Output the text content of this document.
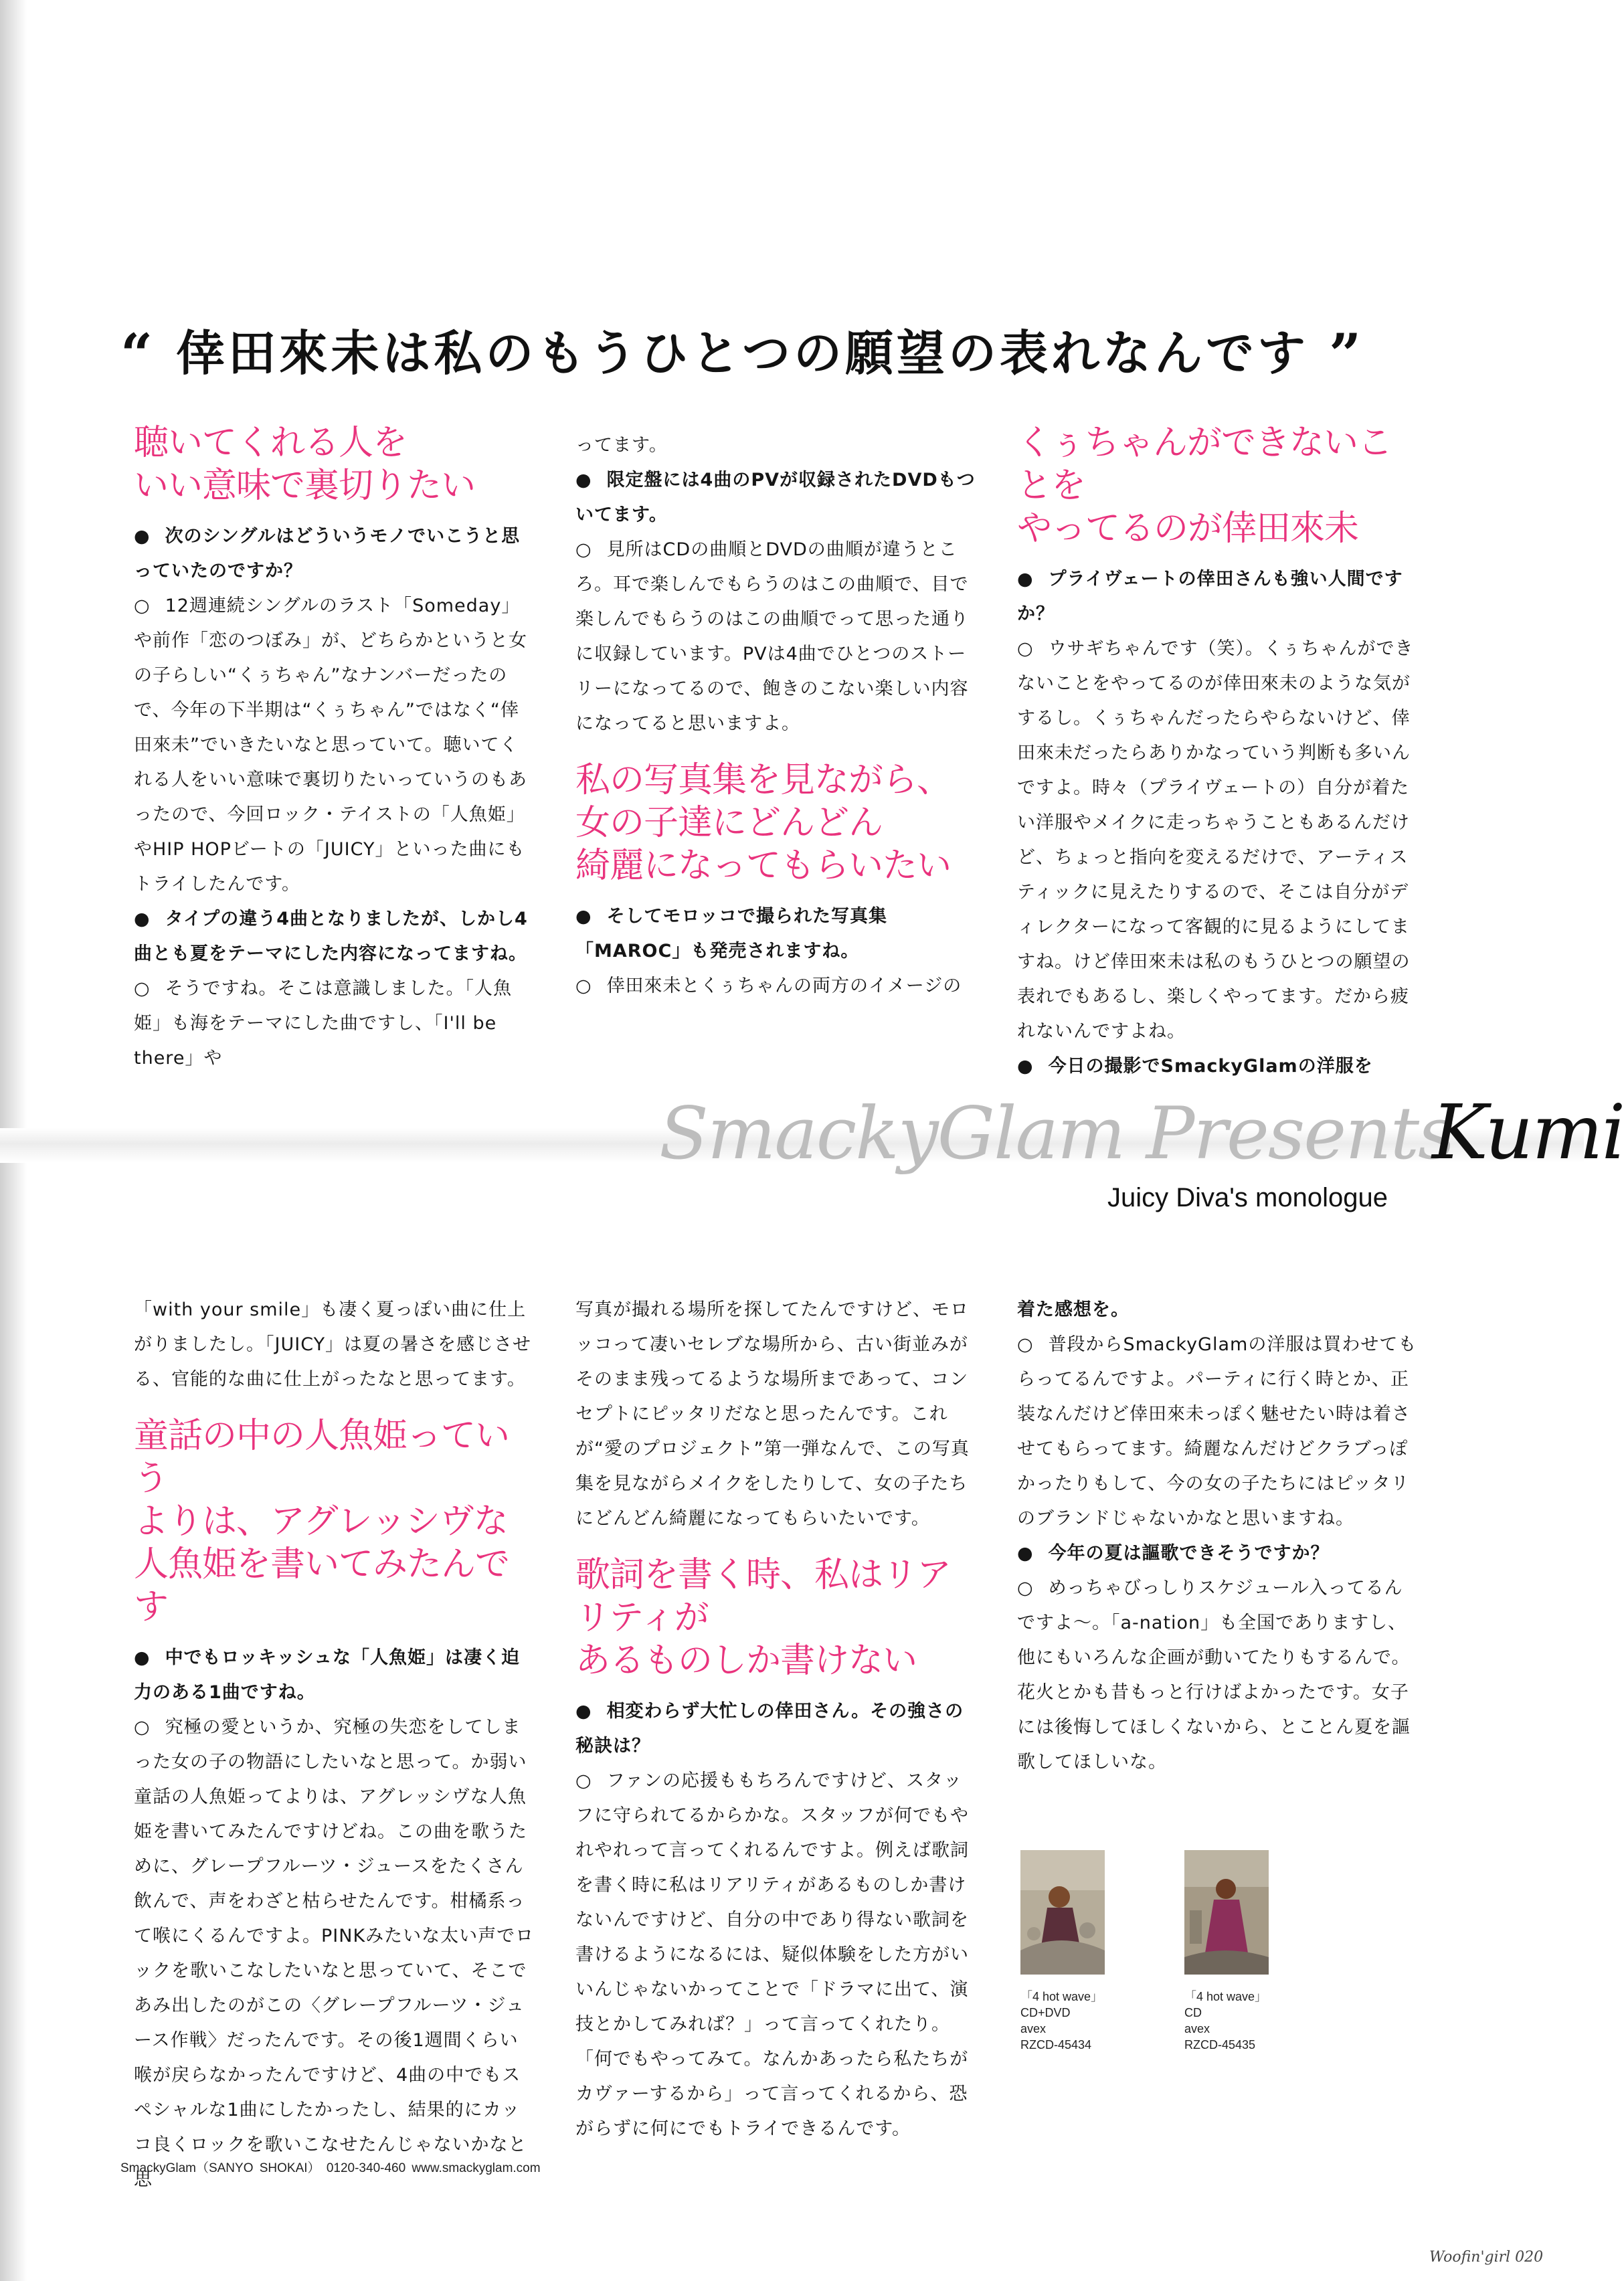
“ 倖田來未は私のもうひとつの願望の表れなんです ”
聴いてくれる人を
いい意味で裏切りたい

● 次のシングルはどういうモノでいこうと思っていたのですか？

○ 12週連続シングルのラスト「Someday」や前作「恋のつぼみ」が、どちらかというと女の子らしい“くぅちゃん”なナンバーだったので、今年の下半期は“くぅちゃん”ではなく“倖田來未”でいきたいなと思っていて。聴いてくれる人をいい意味で裏切りたいっていうのもあったので、今回ロック・テイストの「人魚姫」やHIP HOPビートの「JUICY」といった曲にもトライしたんです。

● タイプの違う4曲となりましたが、しかし4曲とも夏をテーマにした内容になってますね。

○ そうですね。そこは意識しました。「人魚姫」も海をテーマにした曲ですし、「I'll be there」や

ってます。

● 限定盤には4曲のPVが収録されたDVDもついてます。

○ 見所はCDの曲順とDVDの曲順が違うところ。耳で楽しんでもらうのはこの曲順で、目で楽しんでもらうのはこの曲順でって思った通りに収録しています。PVは4曲でひとつのストーリーになってるので、飽きのこない楽しい内容になってると思いますよ。

私の写真集を見ながら、
女の子達にどんどん
綺麗になってもらいたい

● そしてモロッコで撮られた写真集「MAROC」も発売されますね。

○ 倖田來未とくぅちゃんの両方のイメージの

くぅちゃんができないことを
やってるのが倖田來未

● プライヴェートの倖田さんも強い人間ですか？

○ ウサギちゃんです（笑）。くぅちゃんができないことをやってるのが倖田來未のような気がするし。くぅちゃんだったらやらないけど、倖田來未だったらありかなっていう判断も多いんですよ。時々（プライヴェートの）自分が着たい洋服やメイクに走っちゃうこともあるんだけど、ちょっと指向を変えるだけで、アーティスティックに見えたりするので、そこは自分がディレクターになって客観的に見るようにしてますね。けど倖田來未は私のもうひとつの願望の表れでもあるし、楽しくやってます。だから疲れないんですよね。

● 今日の撮影でSmackyGlamの洋服を

SmackyGlam Presents
Kumi
Juicy Diva's monologue

「with your smile」も凄く夏っぽい曲に仕上がりましたし。「JUICY」は夏の暑さを感じさせる、官能的な曲に仕上がったなと思ってます。

童話の中の人魚姫っていう
よりは、アグレッシヴな
人魚姫を書いてみたんです

● 中でもロッキッシュな「人魚姫」は凄く迫力のある1曲ですね。

○ 究極の愛というか、究極の失恋をしてしまった女の子の物語にしたいなと思って。か弱い童話の人魚姫ってよりは、アグレッシヴな人魚姫を書いてみたんですけどね。この曲を歌うために、グレープフルーツ・ジュースをたくさん飲んで、声をわざと枯らせたんです。柑橘系って喉にくるんですよ。PINKみたいな太い声でロックを歌いこなしたいなと思っていて、そこであみ出したのがこの〈グレープフルーツ・ジュース作戦〉だったんです。その後1週間くらい喉が戻らなかったんですけど、4曲の中でもスペシャルな1曲にしたかったし、結果的にカッコ良くロックを歌いこなせたんじゃないかなと思

写真が撮れる場所を探してたんですけど、モロッコって凄いセレブな場所から、古い街並みがそのまま残ってるような場所まであって、コンセプトにピッタリだなと思ったんです。これが“愛のプロジェクト”第一弾なんで、この写真集を見ながらメイクをしたりして、女の子たちにどんどん綺麗になってもらいたいです。

歌詞を書く時、私はリアリティが
あるものしか書けない

● 相変わらず大忙しの倖田さん。その強さの秘訣は？

○ ファンの応援ももちろんですけど、スタッフに守られてるからかな。スタッフが何でもやれやれって言ってくれるんですよ。例えば歌詞を書く時に私はリアリティがあるものしか書けないんですけど、自分の中であり得ない歌詞を書けるようになるには、疑似体験をした方がいいんじゃないかってことで「ドラマに出て、演技とかしてみれば？」って言ってくれたり。「何でもやってみて。なんかあったら私たちがカヴァーするから」って言ってくれるから、恐がらずに何にでもトライできるんです。

着た感想を。

○ 普段からSmackyGlamの洋服は買わせてもらってるんですよ。パーティに行く時とか、正装なんだけど倖田來未っぽく魅せたい時は着させてもらってます。綺麗なんだけどクラブっぽかったりもして、今の女の子たちにはピッタリのブランドじゃないかなと思いますね。

● 今年の夏は謳歌できそうですか？

○ めっちゃびっしりスケジュール入ってるんですよ～。「a-nation」も全国でありますし、他にもいろんな企画が動いてたりもするんで。花火とかも昔もっと行けばよかったです。女子には後悔してほしくないから、とことん夏を謳歌してほしいな。

「4 hot wave」
CD+DVD
avex
RZCD-45434
「4 hot wave」
CD
avex
RZCD-45435
SmackyGlam（SANYO SHOKAI） 0120-340-460 www.smackyglam.com
Woofin'girl 020
